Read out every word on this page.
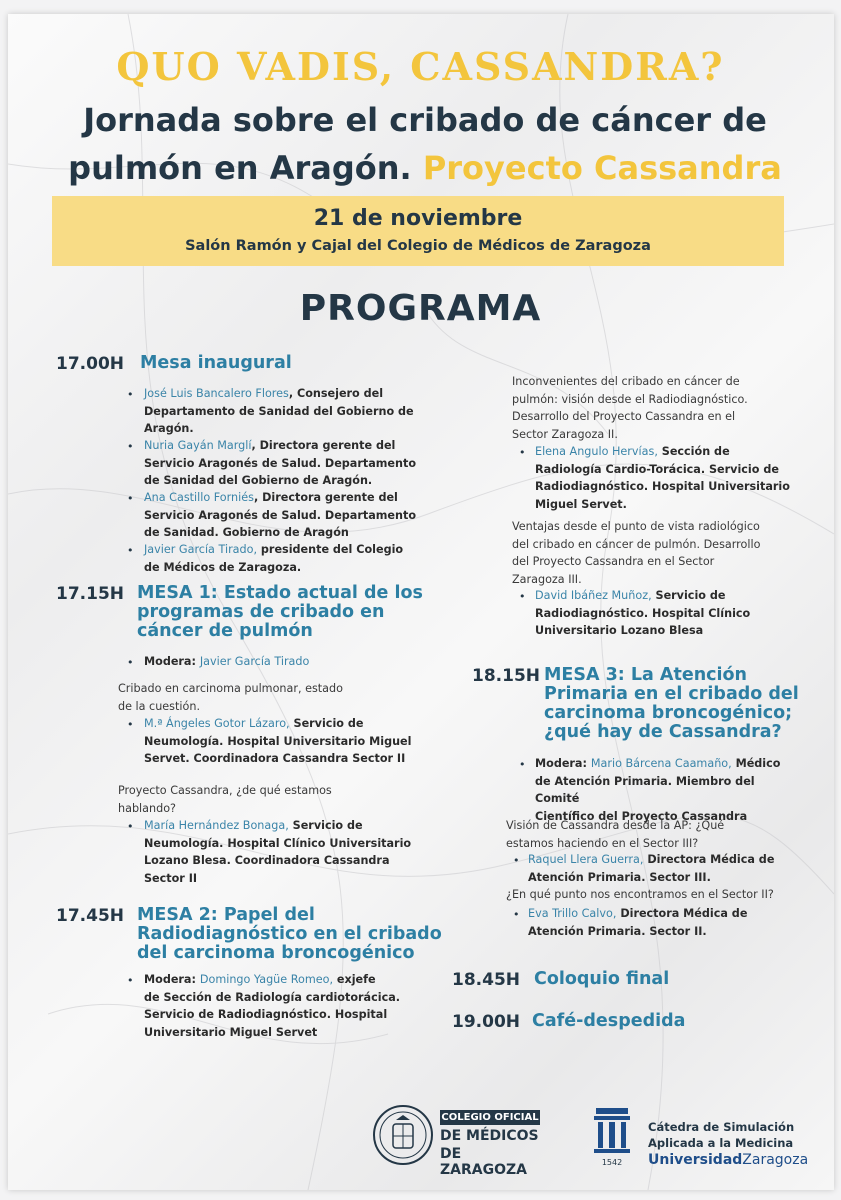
QUO VADIS, CASSANDRA?
Jornada sobre el cribado de cáncer de
pulmón en Aragón. Proyecto Cassandra
21 de noviembre
Salón Ramón y Cajal del Colegio de Médicos de Zaragoza
PROGRAMA
17.00H Mesa inaugural
• José Luis Bancalero Flores, Consejero del
Departamento de Sanidad del Gobierno de
Aragón.
• Nuria Gayán Marglí, Directora gerente del
Servicio Aragonés de Salud. Departamento
de Sanidad del Gobierno de Aragón.
• Ana Castillo Forniés, Directora gerente del
Servicio Aragonés de Salud. Departamento
de Sanidad. Gobierno de Aragón
• Javier García Tirado, presidente del Colegio
de Médicos de Zaragoza.
17.15H MESA 1: Estado actual de los
programas de cribado en
cáncer de pulmón
• Modera: Javier García Tirado
Cribado en carcinoma pulmonar, estado
de la cuestión.
• M.ª Ángeles Gotor Lázaro, Servicio de
Neumología. Hospital Universitario Miguel
Servet. Coordinadora Cassandra Sector II
Proyecto Cassandra, ¿de qué estamos
hablando?
• María Hernández Bonaga, Servicio de
Neumología. Hospital Clínico Universitario
Lozano Blesa. Coordinadora Cassandra
Sector II
17.45H MESA 2: Papel del
Radiodiagnóstico en el cribado
del carcinoma broncogénico
• Modera: Domingo Yagüe Romeo, exjefe
de Sección de Radiología cardiotorácica.
Servicio de Radiodiagnóstico. Hospital
Universitario Miguel Servet
Inconvenientes del cribado en cáncer de
pulmón: visión desde el Radiodiagnóstico.
Desarrollo del Proyecto Cassandra en el
Sector Zaragoza II.
• Elena Angulo Hervías, Sección de
Radiología Cardio-Torácica. Servicio de
Radiodiagnóstico. Hospital Universitario
Miguel Servet.
Ventajas desde el punto de vista radiológico
del cribado en cáncer de pulmón. Desarrollo
del Proyecto Cassandra en el Sector
Zaragoza III.
• David Ibáñez Muñoz, Servicio de
Radiodiagnóstico. Hospital Clínico
Universitario Lozano Blesa
18.15H MESA 3: La Atención
Primaria en el cribado del
carcinoma broncogénico;
¿qué hay de Cassandra?
• Modera: Mario Bárcena Caamaño, Médico
de Atención Primaria. Miembro del Comité
Científico del Proyecto Cassandra
Visión de Cassandra desde la AP: ¿Qué
estamos haciendo en el Sector III?
• Raquel Llera Guerra, Directora Médica de
Atención Primaria. Sector III.
¿En qué punto nos encontramos en el Sector II?
• Eva Trillo Calvo, Directora Médica de
Atención Primaria. Sector II.
18.45H Coloquio final
19.00H Café-despedida
COLEGIO OFICIAL
DE MÉDICOS
DE ZARAGOZA	1542
Cátedra de Simulación
Aplicada a la Medicina
UniversidadZaragoza
